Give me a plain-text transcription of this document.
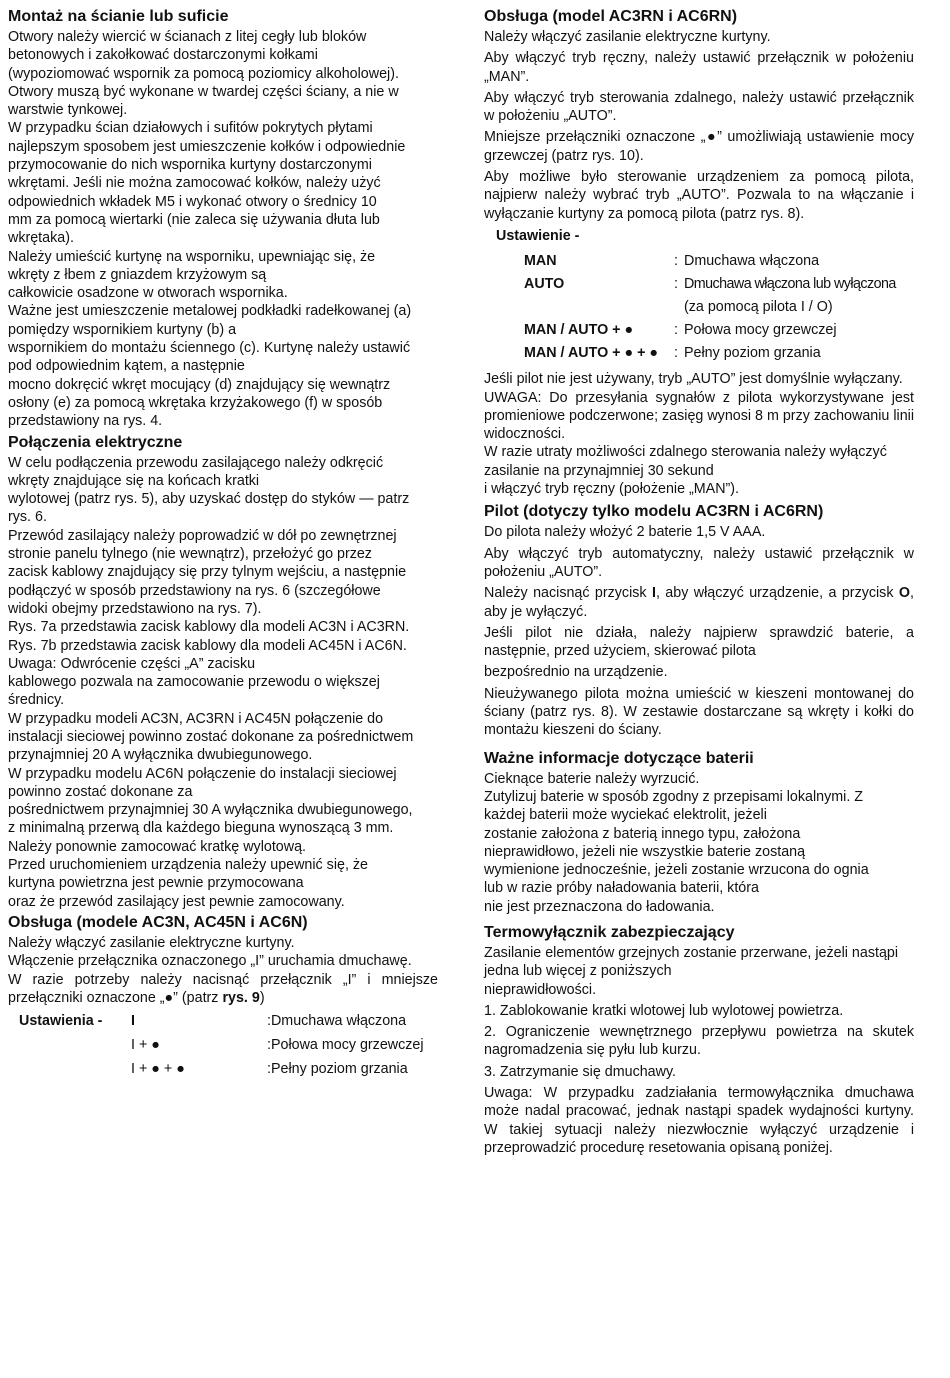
Montaż na ścianie lub suficie
Otwory należy wiercić w ścianach z litej cegły lub bloków
betonowych i zakołkować dostarczonymi kołkami
(wypoziomować wspornik za pomocą poziomicy alkoholowej).
Otwory muszą być wykonane w twardej części ściany, a nie w
warstwie tynkowej.
W przypadku ścian działowych i sufitów pokrytych płytami
najlepszym sposobem jest umieszczenie kołków i odpowiednie
przymocowanie do nich wspornika kurtyny dostarczonymi
wkrętami. Jeśli nie można zamocować kołków, należy użyć
odpowiednich wkładek M5 i wykonać otwory o średnicy 10
mm za pomocą wiertarki (nie zaleca się używania dłuta lub
wkrętaka).
Należy umieścić kurtynę na wsporniku, upewniając się, że
wkręty z łbem z gniazdem krzyżowym są
całkowicie osadzone w otworach wspornika.
Ważne jest umieszczenie metalowej podkładki radełkowanej (a)
pomiędzy wspornikiem kurtyny (b) a
wspornikiem do montażu ściennego (c). Kurtynę należy ustawić
pod odpowiednim kątem, a następnie
mocno dokręcić wkręt mocujący (d) znajdujący się wewnątrz
osłony (e) za pomocą wkrętaka krzyżakowego (f) w sposób
przedstawiony na rys. 4.
Połączenia elektryczne
W celu podłączenia przewodu zasilającego należy odkręcić
wkręty znajdujące się na końcach kratki
wylotowej (patrz rys. 5), aby uzyskać dostęp do styków — patrz
rys. 6.
Przewód zasilający należy poprowadzić w dół po zewnętrznej
stronie panelu tylnego (nie wewnątrz), przełożyć go przez
zacisk kablowy znajdujący się przy tylnym wejściu, a następnie
podłączyć w sposób przedstawiony na rys. 6 (szczegółowe
widoki obejmy przedstawiono na rys. 7).
Rys. 7a przedstawia zacisk kablowy dla modeli AC3N i AC3RN.
Rys. 7b przedstawia zacisk kablowy dla modeli AC45N i AC6N.
Uwaga: Odwrócenie części „A” zacisku
kablowego pozwala na zamocowanie przewodu o większej
średnicy.
W przypadku modeli AC3N, AC3RN i AC45N połączenie do
instalacji sieciowej powinno zostać dokonane za pośrednictwem
przynajmniej 20 A wyłącznika dwubiegunowego.
W przypadku modelu AC6N połączenie do instalacji sieciowej
powinno zostać dokonane za
pośrednictwem przynajmniej 30 A wyłącznika dwubiegunowego,
z minimalną przerwą dla każdego bieguna wynoszącą 3 mm.
Należy ponownie zamocować kratkę wylotową.
Przed uruchomieniem urządzenia należy upewnić się, że
kurtyna powietrzna jest pewnie przymocowana
oraz że przewód zasilający jest pewnie zamocowany.
Obsługa (modele AC3N, AC45N i AC6N)
Należy włączyć zasilanie elektryczne kurtyny.
Włączenie przełącznika oznaczonego „I” uruchamia dmuchawę.
W razie potrzeby należy nacisnąć przełącznik „I” i mniejsze
przełączniki oznaczone „●” (patrz rys. 9)
Ustawienia - I	:Dmuchawa włączona
I + ●	:Połowa mocy grzewczej
I + ● + ●	:Pełny poziom grzania
Obsługa (model AC3RN i AC6RN)
Należy włączyć zasilanie elektryczne kurtyny.
Aby włączyć tryb ręczny, należy ustawić przełącznik w położeniu „MAN”.
Aby włączyć tryb sterowania zdalnego, należy ustawić przełącznik w położeniu „AUTO”.
Mniejsze przełączniki oznaczone „●” umożliwiają ustawienie mocy grzewczej (patrz rys. 10).
Aby możliwe było sterowanie urządzeniem za pomocą pilota, najpierw należy wybrać tryb „AUTO”. Pozwala to na włączanie i wyłączanie kurtyny za pomocą pilota (patrz rys. 8).
Ustawienie -
MAN	: Dmuchawa włączona
AUTO	: Dmuchawa włączona lub wyłączona
(za pomocą pilota I / O)
MAN / AUTO + ●	: Połowa mocy grzewczej
MAN / AUTO + ● + ●	: Pełny poziom grzania
Jeśli pilot nie jest używany, tryb „AUTO” jest domyślnie wyłączany.
UWAGA: Do przesyłania sygnałów z pilota wykorzystywane jest promieniowe podczerwone; zasięg wynosi 8 m przy zachowaniu linii widoczności.
W razie utraty możliwości zdalnego sterowania należy wyłączyć zasilanie na przynajmniej 30 sekund
i włączyć tryb ręczny (położenie „MAN”).
Pilot (dotyczy tylko modelu AC3RN i AC6RN)
Do pilota należy włożyć 2 baterie 1,5 V AAA.
Aby włączyć tryb automatyczny, należy ustawić przełącznik w położeniu „AUTO”.
Należy nacisnąć przycisk I, aby włączyć urządzenie, a przycisk O, aby je wyłączyć.
Jeśli pilot nie działa, należy najpierw sprawdzić baterie, a następnie, przed użyciem, skierować pilota
bezpośrednio na urządzenie.
Nieużywanego pilota można umieścić w kieszeni montowanej do ściany (patrz rys. 8). W zestawie dostarczane są wkręty i kołki do montażu kieszeni do ściany.
Ważne informacje dotyczące baterii
Cieknące baterie należy wyrzucić.
Zutylizuj baterie w sposób zgodny z przepisami lokalnymi. Z
każdej baterii może wyciekać elektrolit, jeżeli
zostanie założona z baterią innego typu, założona
nieprawidłowo, jeżeli nie wszystkie baterie zostaną
wymienione jednocześnie, jeżeli zostanie wrzucona do ognia
lub w razie próby naładowania baterii, która
nie jest przeznaczona do ładowania.
Termowyłącznik zabezpieczający
Zasilanie elementów grzejnych zostanie przerwane, jeżeli nastąpi jedna lub więcej z poniższych
nieprawidłowości.
1. Zablokowanie kratki wlotowej lub wylotowej powietrza.
2. Ograniczenie wewnętrznego przepływu powietrza na skutek nagromadzenia się pyłu lub kurzu.
3. Zatrzymanie się dmuchawy.
Uwaga: W przypadku zadziałania termowyłącznika dmuchawa może nadal pracować, jednak nastąpi spadek wydajności kurtyny. W takiej sytuacji należy niezwłocznie wyłączyć urządzenie i przeprowadzić procedurę resetowania opisaną poniżej.
